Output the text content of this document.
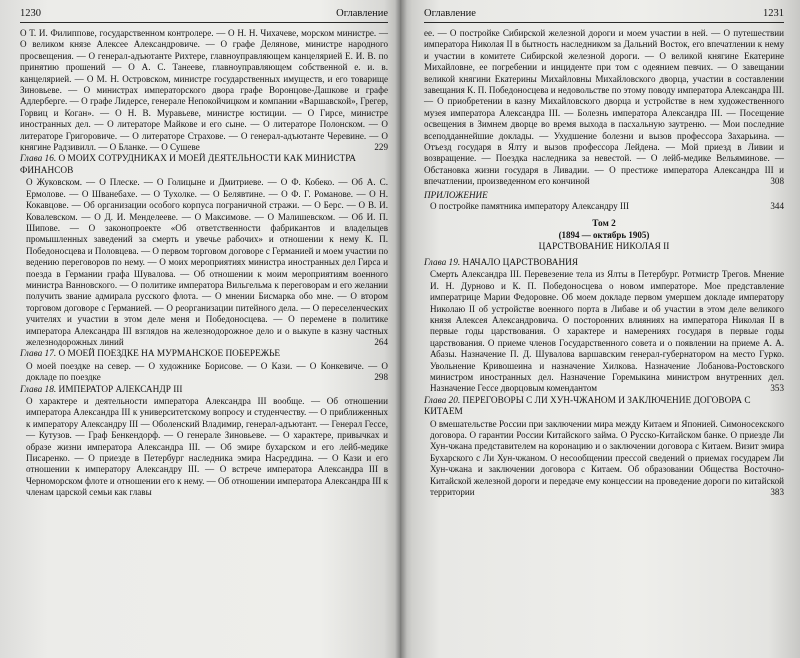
1230	Оглавление
О Т. И. Филиппове, государственном контролере. — О Н. Н. Чихачеве, морском министре. — О великом князе Алексее Александровиче. — О графе Делянове, министре народного просвещения. — О генерал-адъютанте Рихтере, главноуправляющем канцелярией Е. И. В. по принятию прошений — О А. С. Танееве, главноуправляющем собственной е. и. в. канцелярией. — О М. Н. Островском, министре государственных имуществ, и его товарище Зиновьеве. — О министрах императорского двора графе Воронцове-Дашкове и графе Адлерберге. — О графе Лидерсе, генерале Непокойчицком и компании «Варшавской», Грегер, Горвиц и Коган». — О Н. В. Муравьеве, министре юстиции. — О Гирсе, министре иностранных дел. — О литераторе Майкове и его сыне. — О литераторе Полонском. — О литераторе Григоровиче. — О литераторе Страхове. — О генерал-адъютанте Черевине. — О княгине Радзивилл. — О Бланке. — О Сушеве	229
Глава 16. О МОИХ СОТРУДНИКАХ И МОЕЙ ДЕЯТЕЛЬНОСТИ КАК МИНИСТРА ФИНАНСОВ
О Жуковском. — О Плеске. — О Голицыне и Дмитриеве. — О Ф. Кобеко. — Об А. С. Ермолове. — О Шванебахе. — О Тухолке. — О Белявтине. — О Ф. Г. Романове. — О Н. Кокавцове. — Об организации особого корпуса пограничной стражи. — О Берс. — О В. И. Ковалевском. — О Д. И. Менделеевe. — О Максимове. — О Малишевском. — Об И. П. Шипове. — О законопроекте «Об ответственности фабрикантов и владельцев промышленных заведений за смерть и увечье рабочих» и отношении к нему К. П. Победоносцева и Половцева. — О первом торговом договоре с Германией и моем участии по ведению переговоров по нему. — О моих мероприятиях министра иностранных дел Гирса и поезда в Германии графа Шувалова. — Об отношении к моим мероприятиям военного министра Ванновского. — О политике императора Вильгельма к переговорам и его желании получить звание адмирала русского флота. — О мнении Бисмарка обо мне. — О втором торговом договоре с Германией. — О реорганизации питейного дела. — О переселенческих учителях и участии в этом деле меня и Победоносцева. — О переменe в политике императора Александра III взглядов на железнодорожное дело и о выкупе в казну частных железнодорожных линий	264
Глава 17. О МОЕЙ ПОЕЗДКЕ НА МУРМАНСКОЕ ПОБЕРЕЖЬЕ
О моей поездке на север. — О художнике Борисове. — О Кази. — О Конкевиче. — О докладе по поездке	298
Глава 18. ИМПЕРАТОР АЛЕКСАНДР III
О характере и деятельности императора Александра III вообще. — Об отношении императора Александра III к университетскому вопросу и студенчеству. — О приближенных к императору Александру III — Оболенский Владимир, генерал-адъютант. — Генерал Гессе, — Кутузов. — Граф Бенкендорф. — О генерале Зиновьеве. — О характере, привычках и образе жизни императора Александра III. — Об эмире бухарском и его лейб-медике Писаренко. — О приезде в Петербург наследника эмира Насреддина. — О Кази и его отношении к императору Александру III. — О встрече императора Александра III в Черноморском флоте и отношении его к нему. — Об отношении императора Александра III к членам царской семьи как главы
Оглавление	1231
ее. — О постройке Сибирской железной дороги и моем участии в ней. — О путешествии императора Николая II в бытность наследником за Дальний Восток, его впечатлении к нему и участии в комитете Сибирской железной дороги. — О великой княгине Екатерине Михайловне, ее погребении и инциденте при том с одеянием певчих. — О завещании великой княгини Екатерины Михайловны Михайловского дворца, участии в составлении завещания К. П. Победоносцева и недовольстве по этому поводу императора Александра III. — О приобретении в казну Михайловского дворца и устройстве в нем художественного музея императора Александра III. — Болезнь императора Александра III. — Посещение освещения в Зимнем дворце во время выхода в пасхальную заутреню. — Мои последние всеподданнейшие доклады. — Ухудшение болезни и вызов профессора Захарьина. — Отъезд государя в Ялту и вызов профессора Лейдена. — Мой приезд в Ливии и возвращение. — Поездка наследника за невестой. — О лейб-медике Вельяминове. — Обстановка жизни государя в Ливадии. — О престиже императора Александра III и впечатлении, произведенном его кончиной	308
ПРИЛОЖЕНИЕ
О постройке памятника императору Александру III	344
Том 2
(1894 — октябрь 1905)
ЦАРСТВОВАНИЕ НИКОЛАЯ II
Глава 19. НАЧАЛО ЦАРСТВОВАНИЯ
Смерть Александра III. Перевезение тела из Ялты в Петербург. Ротмистр Трегов. Мнение И. Н. Дурново и К. П. Победоносцева о новом императоре. Мое представление императрице Марии Федоровне. Об моем докладе первом умершем докладе императору Николаю II об устройстве военного порта в Либаве и об участии в этом деле великого князя Алексея Александровича. О посторонних влияниях на императора Николая II в первые годы царствования. О характере и намерениях государя в первые годы царствования. О приеме членов Государственного совета и о появлении на приеме А. А. Абазы. Назначение П. Д. Шувалова варшавским генерал-губернатором на место Гурко. Увольнение Кривошеина и назначение Хилкова. Назначение Лобанова-Ростовского министром иностранных дел. Назначение Горемыкина министром внутренних дел. Назначение Гессе дворцовым комендантом	353
Глава 20. ПЕРЕГОВОРЫ С ЛИ ХУН-ЧЖАНОМ И ЗАКЛЮЧЕНИЕ ДОГОВОРА С КИТАЕМ
О вмешательстве России при заключении мира между Китаем и Японией. Симоносекского договора. О гарантии России Китайского займа. О Русско-Китайском банке. О приезде Ли Хун-чжана представителем на коронацию и о заключении договора с Китаем. Визит эмира Бухарского с Ли Хун-чжаном. О несообщении прессой сведений о приемах государем Ли Хун-чжана и заключении договора с Китаем. Об образовании Общества Восточно-Китайской железной дороги и передаче ему концессии на проведение дороги по китайской территории	383
